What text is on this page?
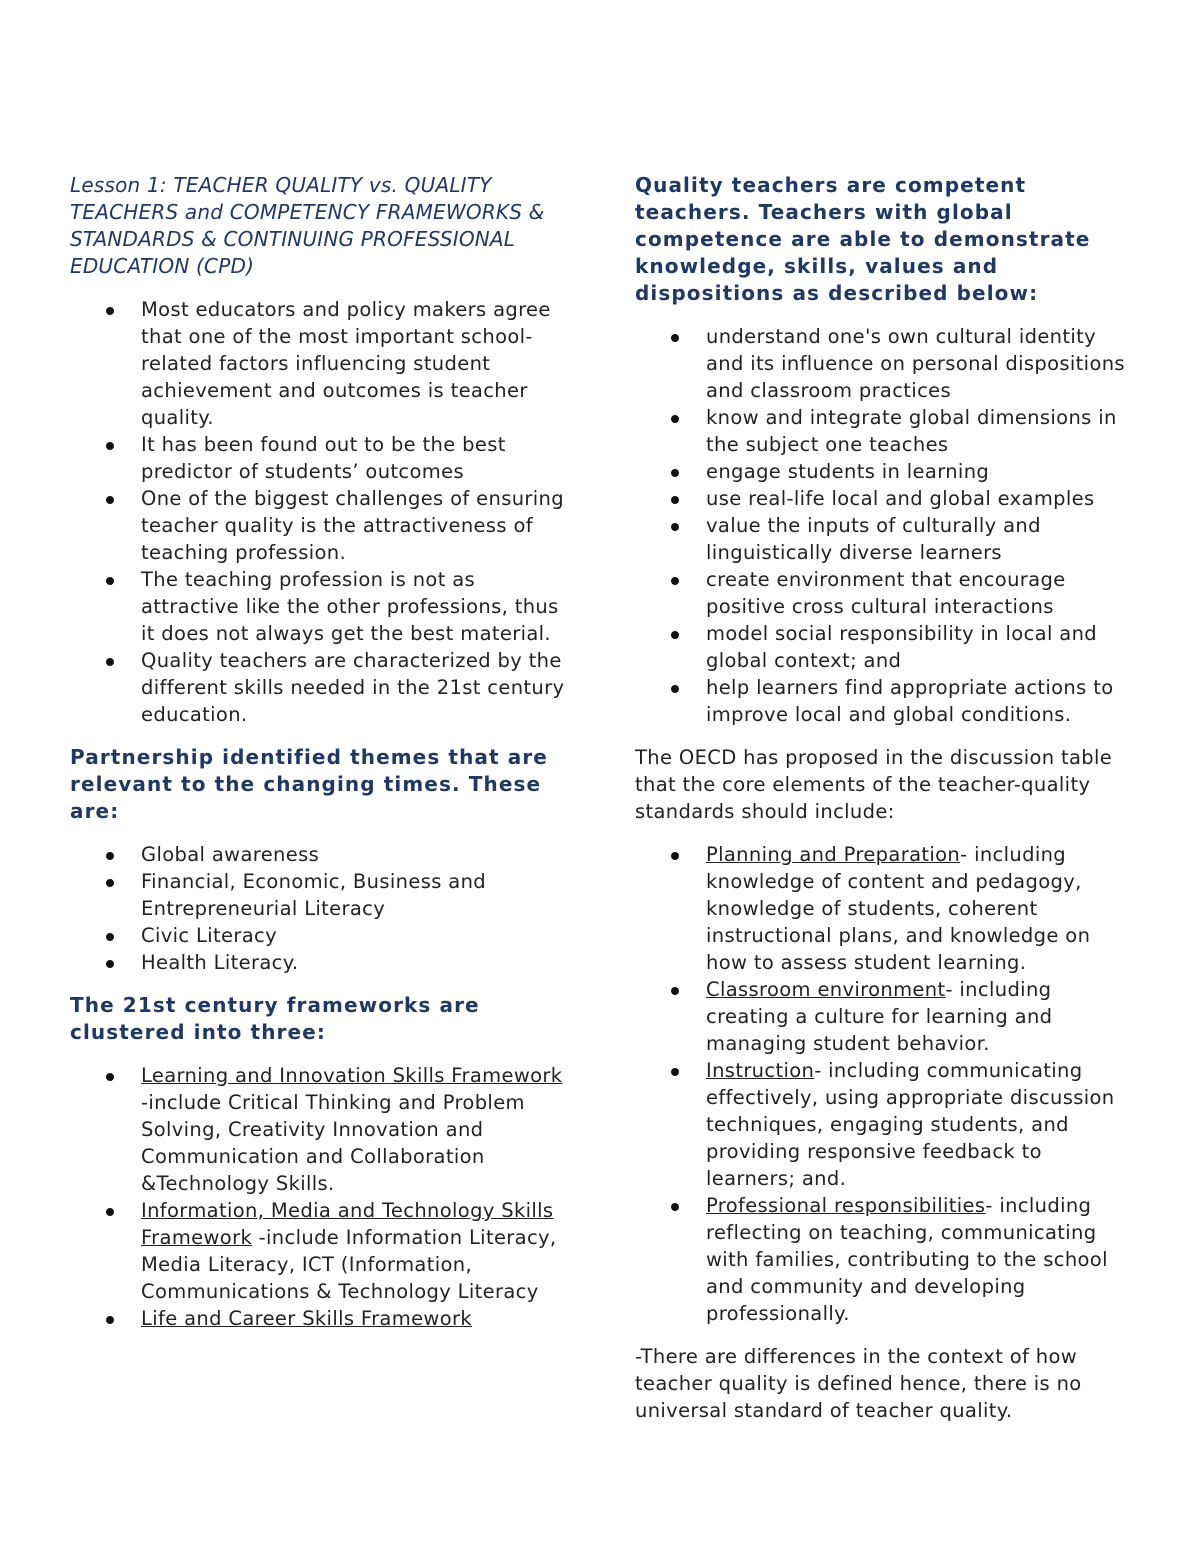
Lesson 1: TEACHER QUALITY vs. QUALITY TEACHERS and COMPETENCY FRAMEWORKS & STANDARDS & CONTINUING PROFESSIONAL EDUCATION (CPD)
Most educators and policy makers agree that one of the most important school-related factors influencing student achievement and outcomes is teacher quality.
It has been found out to be the best predictor of students’ outcomes
One of the biggest challenges of ensuring teacher quality is the attractiveness of teaching profession.
The teaching profession is not as attractive like the other professions, thus it does not always get the best material.
Quality teachers are characterized by the different skills needed in the 21st century education.
Partnership identified themes that are relevant to the changing times. These are:
Global awareness
Financial, Economic, Business and Entrepreneurial Literacy
Civic Literacy
Health Literacy.
The 21st century frameworks are clustered into three:
Learning and Innovation Skills Framework -include Critical Thinking and Problem Solving, Creativity Innovation and Communication and Collaboration &Technology Skills.
Information, Media and Technology Skills Framework -include Information Literacy, Media Literacy, ICT (Information, Communications & Technology Literacy
Life and Career Skills Framework
Quality teachers are competent teachers. Teachers with global competence are able to demonstrate knowledge, skills, values and dispositions as described below:
understand one's own cultural identity and its influence on personal dispositions and classroom practices
know and integrate global dimensions in the subject one teaches
engage students in learning
use real-life local and global examples
value the inputs of culturally and linguistically diverse learners
create environment that encourage positive cross cultural interactions
model social responsibility in local and global context; and
help learners find appropriate actions to improve local and global conditions.

The OECD has proposed in the discussion table that the core elements of the teacher-quality standards should include:

Planning and Preparation- including knowledge of content and pedagogy, knowledge of students, coherent instructional plans, and knowledge on how to assess student learning.
Classroom environment- including creating a culture for learning and managing student behavior.
Instruction- including communicating effectively, using appropriate discussion techniques, engaging students, and providing responsive feedback to learners; and.
Professional responsibilities- including reflecting on teaching, communicating with families, contributing to the school and community and developing professionally.

-There are differences in the context of how teacher quality is defined hence, there is no universal standard of teacher quality.
